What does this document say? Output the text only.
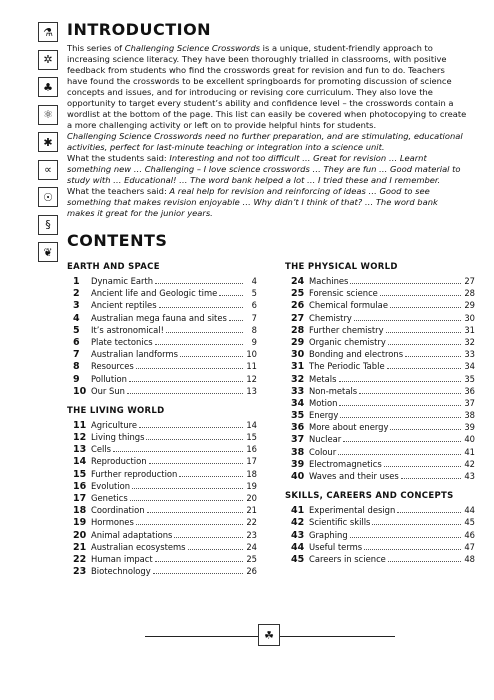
⚗
✲
♣
⚛
✱
∝
☉
§
❦
INTRODUCTION

This series of Challenging Science Crosswords is a unique, student-friendly approach to increasing science literacy. They have been thoroughly trialled in classrooms, with positive feedback from students who find the crosswords great for revision and fun to do. Teachers have found the crosswords to be excellent springboards for promoting discussion of science concepts and issues, and for introducing or revising core curriculum. They also love the opportunity to target every student’s ability and confidence level – the crosswords contain a wordlist at the bottom of the page. This list can easily be covered when photocopying to create a more challenging activity or left on to provide helpful hints for students.

Challenging Science Crosswords need no further preparation, and are stimulating, educational activities, perfect for last-minute teaching or integration into a science unit.

What the students said: Interesting and not too difficult … Great for revision … Learnt something new … Challenging – I love science crosswords … They are fun … Good material to study with … Educational! … The word bank helped a lot … I tried these and I remember.

What the teachers said: A real help for revision and reinforcing of ideas … Good to see something that makes revision enjoyable … Why didn’t I think of that? … The word bank makes it great for the junior years.

CONTENTS
EARTH AND SPACE
1	Dynamic Earth	4
2	Ancient life and Geologic time	5
3	Ancient reptiles	6
4	Australian mega fauna and sites	7
5	It’s astronomical!	8
6	Plate tectonics	9
7	Australian landforms	10
8	Resources	11
9	Pollution	12
10 Our Sun	13
THE LIVING WORLD
11 Agriculture	14
12 Living things	15
13 Cells	16
14 Reproduction	17
15 Further reproduction	18
16 Evolution	19
17 Genetics	20
18 Coordination	21
19 Hormones	22
20 Animal adaptations	23
21 Australian ecosystems	24
22 Human impact	25
23 Biotechnology	26
THE PHYSICAL WORLD
24 Machines	27
25 Forensic science	28
26 Chemical formulae	29
27 Chemistry	30
28 Further chemistry	31
29 Organic chemistry	32
30 Bonding and electrons	33
31 The Periodic Table	34
32 Metals	35
33 Non-metals	36
34 Motion	37
35 Energy	38
36 More about energy	39
37 Nuclear	40
38 Colour	41
39 Electromagnetics	42
40 Waves and their uses	43
SKILLS, CAREERS AND CONCEPTS
41 Experimental design	44
42 Scientific skills	45
43 Graphing	46
44 Useful terms	47
45 Careers in science	48
☘
